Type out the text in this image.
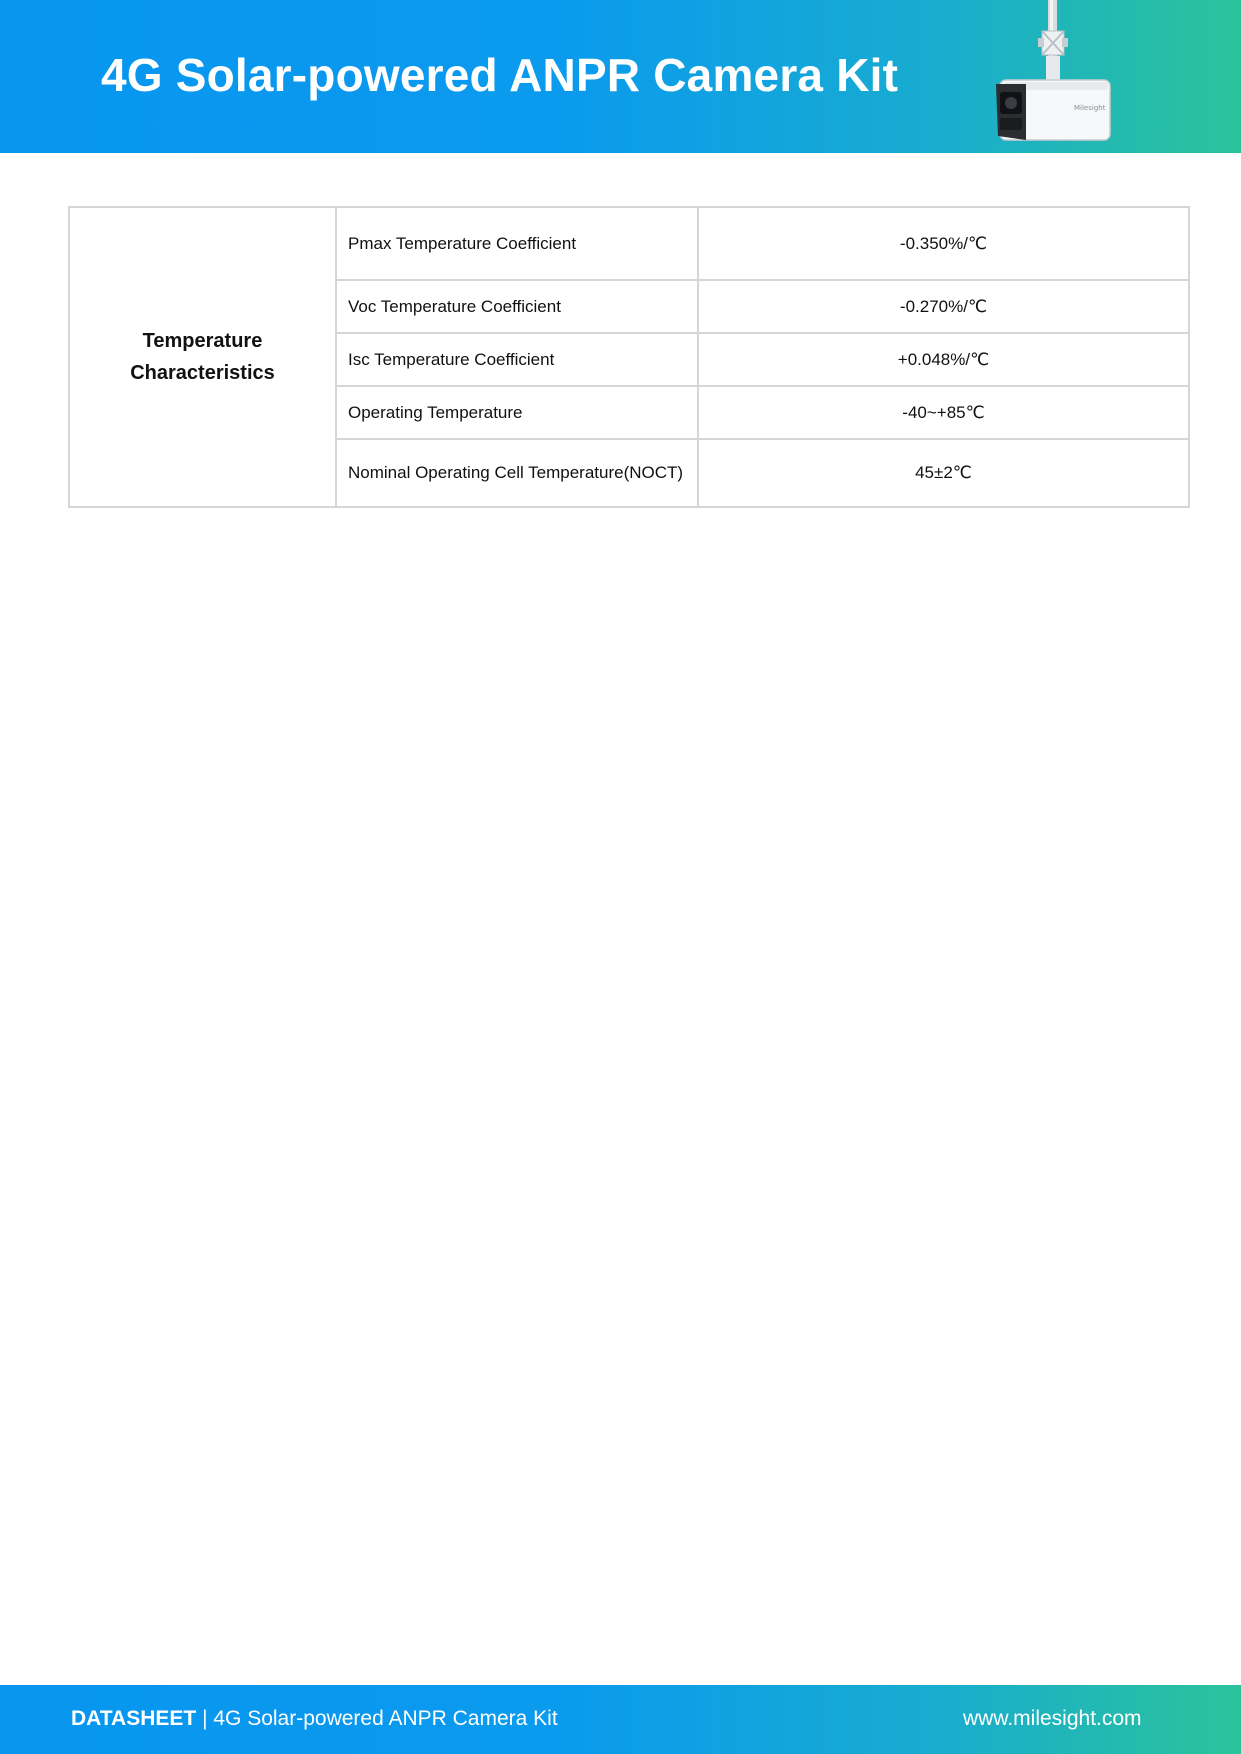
4G Solar-powered ANPR Camera Kit
Milesight
Temperature Characteristics	Pmax Temperature Coefficient	-0.350%/℃
	Voc Temperature Coefficient	-0.270%/℃
	Isc Temperature Coefficient	+0.048%/℃
	Operating Temperature	-40~+85℃
	Nominal Operating Cell Temperature(NOCT)	45±2℃
DATASHEET | 4G Solar-powered ANPR Camera Kit	www.milesight.com
